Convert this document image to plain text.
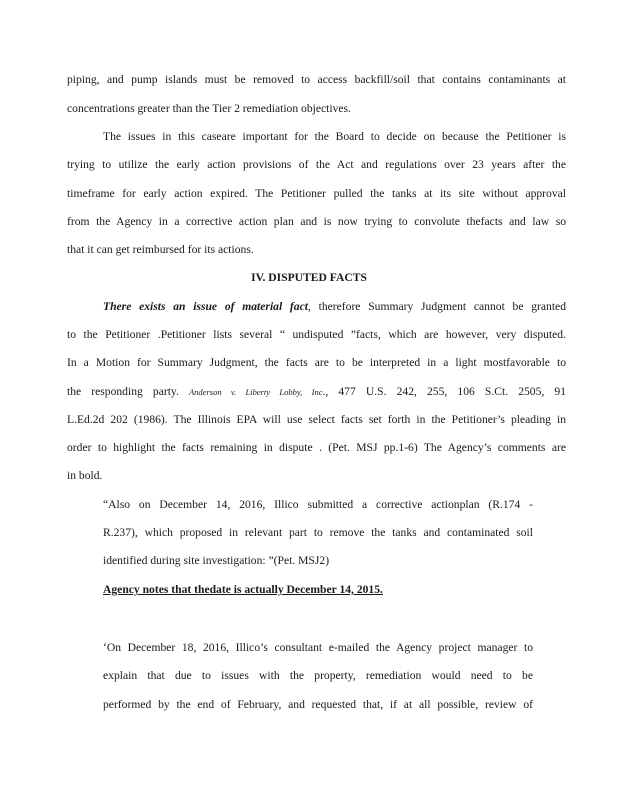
piping, and pump islands must be removed to access backfill/soil that contains contaminants at
concentrations greater than the Tier 2 remediation objectives.
The issues in this caseare important for the Board to decide on because the Petitioner is
trying to utilize the early action provisions of the Act and regulations over 23 years after the
timeframe for early action expired. The Petitioner pulled the tanks at its site without approval
from the Agency in a corrective action plan and is now trying to convolute thefacts and law so
that it can get reimbursed for its actions.
IV. DISPUTED FACTS
There exists an issue of material fact, therefore Summary Judgment cannot be granted
to the Petitioner .Petitioner lists several “ undisputed ”facts, which are however, very disputed.
In a Motion for Summary Judgment, the facts are to be interpreted in a light mostfavorable to
the responding party. Anderson v. Liberty Lobby, Inc., 477 U.S. 242, 255, 106 S.Ct. 2505, 91
L.Ed.2d 202 (1986). The Illinois EPA will use select facts set forth in the Petitioner’s pleading in
order to highlight the facts remaining in dispute . (Pet. MSJ pp.1-6) The Agency’s comments are
in bold.
“Also on December 14, 2016, Illico submitted a corrective actionplan (R.174 -
R.237), which proposed in relevant part to remove the tanks and contaminated soil
identified during site investigation: ”(Pet. MSJ2)
Agency notes that thedate is actually December 14, 2015.
‘On December 18, 2016, Illico’s consultant e-mailed the Agency project manager to
explain that due to issues with the property, remediation would need to be
performed by the end of February, and requested that, if at all possible, review of
